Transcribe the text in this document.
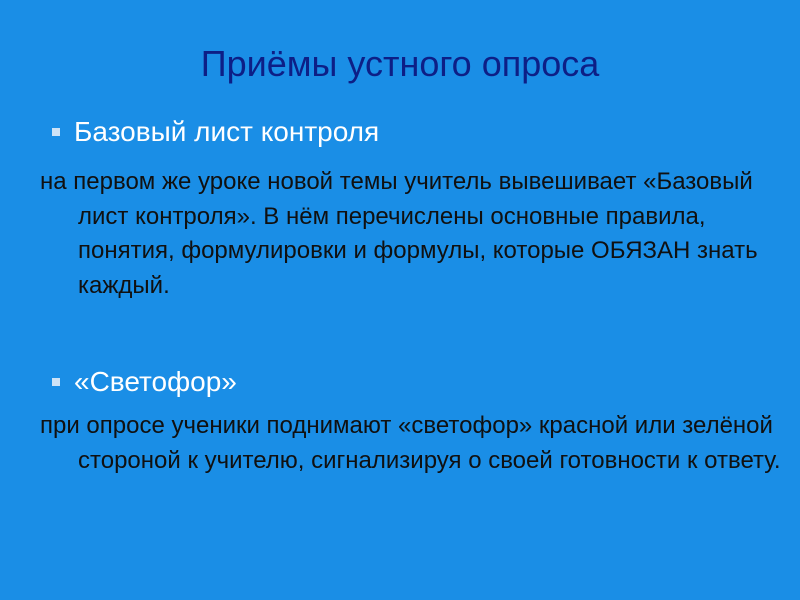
Приёмы устного опроса
Базовый лист контроля

на первом же уроке новой темы учитель вывешивает «Базовый лист контроля». В нём перечислены основные правила, понятия, формулировки и формулы, которые ОБЯЗАН знать каждый.

«Светофор»

при опросе ученики поднимают «светофор» красной или зелёной стороной к учителю, сигнализируя о своей готовности к ответу.
